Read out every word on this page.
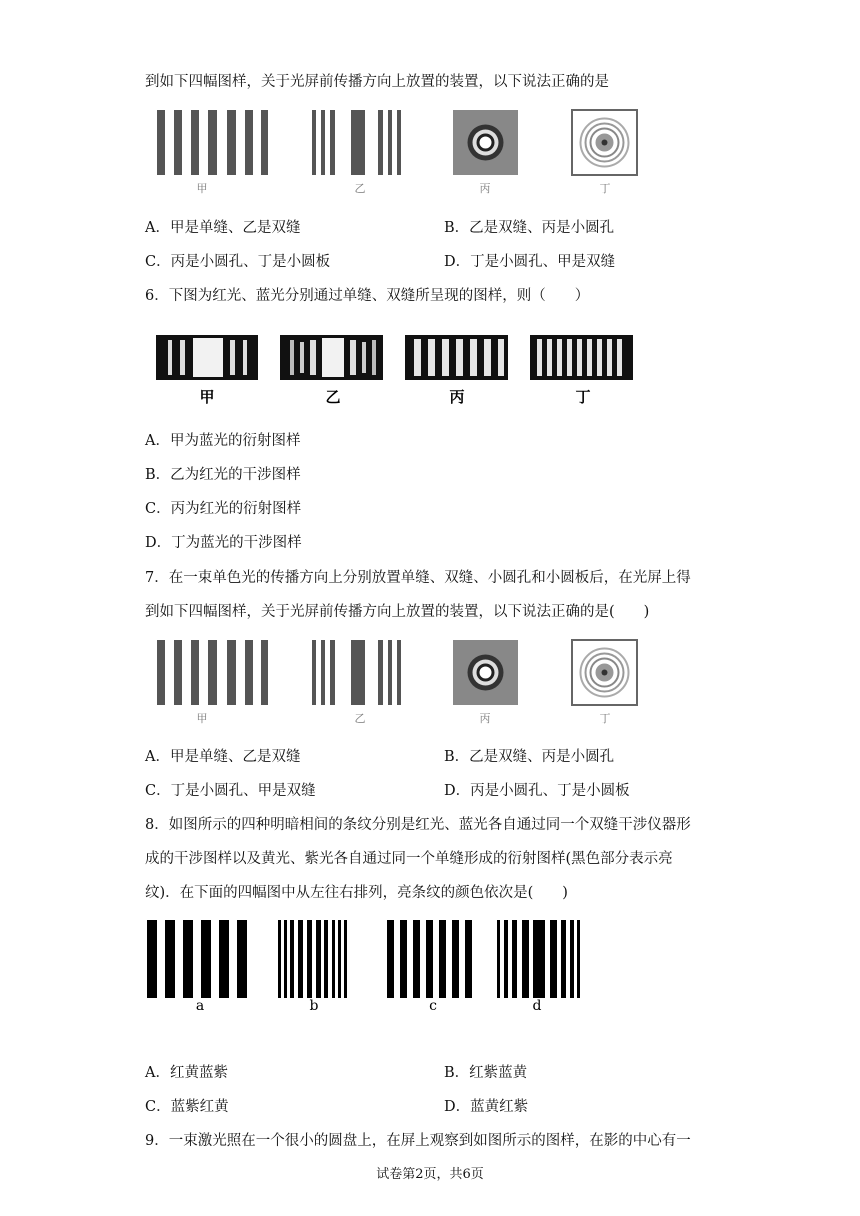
到如下四幅图样，关于光屏前传播方向上放置的装置，以下说法正确的是
甲	乙	丙	丁
A．甲是单缝、乙是双缝	B．乙是双缝、丙是小圆孔
C．丙是小圆孔、丁是小圆板	D．丁是小圆孔、甲是双缝
6．下图为红光、蓝光分别通过单缝、双缝所呈现的图样，则（　　）
甲	乙	丙	丁
A．甲为蓝光的衍射图样
B．乙为红光的干涉图样
C．丙为红光的衍射图样
D．丁为蓝光的干涉图样
7．在一束单色光的传播方向上分别放置单缝、双缝、小圆孔和小圆板后，在光屏上得
到如下四幅图样，关于光屏前传播方向上放置的装置，以下说法正确的是(　　)
甲	乙	丙	丁
A．甲是单缝、乙是双缝	B．乙是双缝、丙是小圆孔
C．丁是小圆孔、甲是双缝	D．丙是小圆孔、丁是小圆板
8．如图所示的四种明暗相间的条纹分别是红光、蓝光各自通过同一个双缝干涉仪器形
成的干涉图样以及黄光、紫光各自通过同一个单缝形成的衍射图样(黑色部分表示亮
纹)．在下面的四幅图中从左往右排列，亮条纹的颜色依次是(　　)
a	b	c	d
A．红黄蓝紫	B．红紫蓝黄
C．蓝紫红黄	D．蓝黄红紫
9．一束激光照在一个很小的圆盘上，在屏上观察到如图所示的图样，在影的中心有一
试卷第2页，共6页
